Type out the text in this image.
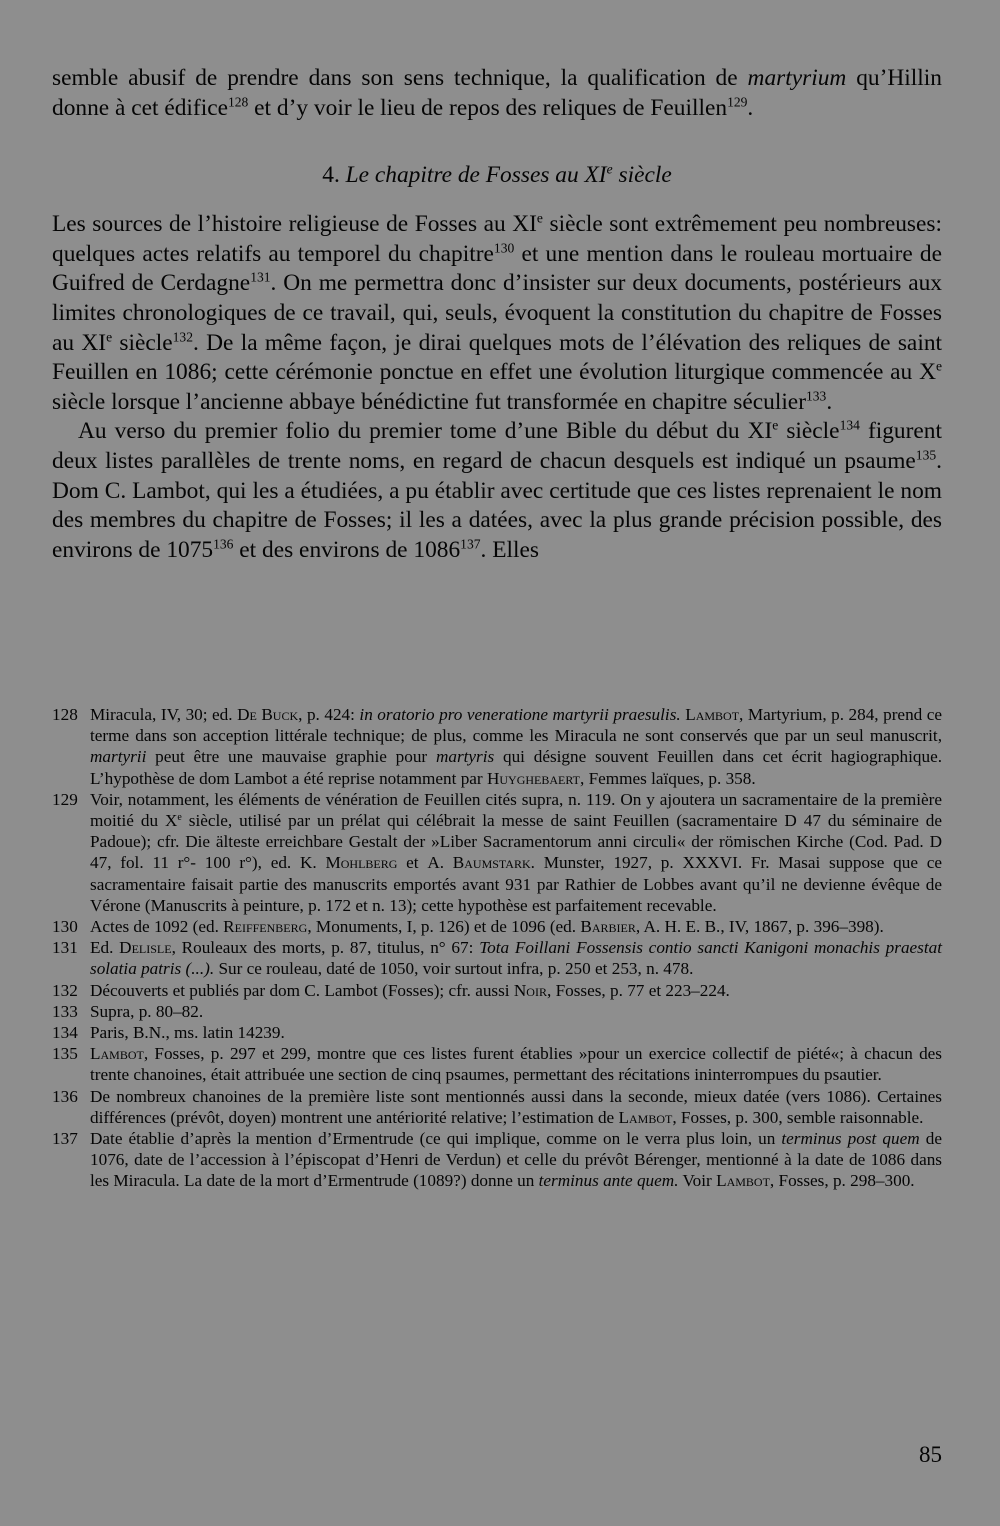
semble abusif de prendre dans son sens technique, la qualification de martyrium qu’Hillin donne à cet édifice$^{128}$ et d’y voir le lieu de repos des reliques de Feuillen$^{129}$.

4. Le chapitre de Fosses au XIe siècle

Les sources de l’histoire religieuse de Fosses au XIe siècle sont extrêmement peu nombreuses: quelques actes relatifs au temporel du chapitre$^{130}$ et une mention dans le rouleau mortuaire de Guifred de Cerdagne$^{131}$. On me permettra donc d’insister sur deux documents, postérieurs aux limites chronologiques de ce travail, qui, seuls, évoquent la constitution du chapitre de Fosses au XIe siècle$^{132}$. De la même façon, je dirai quelques mots de l’élévation des reliques de saint Feuillen en 1086; cette cérémonie ponctue en effet une évolution liturgique commencée au Xe siècle lorsque l’ancienne abbaye bénédictine fut transformée en chapitre séculier$^{133}$.

Au verso du premier folio du premier tome d’une Bible du début du XIe siècle$^{134}$ figurent deux listes parallèles de trente noms, en regard de chacun desquels est indiqué un psaume$^{135}$. Dom C. Lambot, qui les a étudiées, a pu établir avec certitude que ces listes reprenaient le nom des membres du chapitre de Fosses; il les a datées, avec la plus grande précision possible, des environs de 1075$^{136}$ et des environs de 1086$^{137}$. Elles

128 Miracula, IV, 30; ed. De Buck, p. 424: in oratorio pro veneratione martyrii praesulis. Lambot, Martyrium, p. 284, prend ce terme dans son acception littérale technique; de plus, comme les Miracula ne sont conservés que par un seul manuscrit, martyrii peut être une mauvaise graphie pour martyris qui désigne souvent Feuillen dans cet écrit hagiographique. L’hypothèse de dom Lambot a été reprise notamment par Huyghebaert, Femmes laïques, p. 358.
129 Voir, notamment, les éléments de vénération de Feuillen cités supra, n. 119. On y ajoutera un sacramentaire de la première moitié du Xe siècle, utilisé par un prélat qui célébrait la messe de saint Feuillen (sacramentaire D 47 du séminaire de Padoue); cfr. Die älteste erreichbare Gestalt der »Liber Sacramentorum anni circuli« der römischen Kirche (Cod. Pad. D 47, fol. 11 r°- 100 r°), ed. K. Mohlberg et A. Baumstark. Munster, 1927, p. XXXVI. Fr. Masai suppose que ce sacramentaire faisait partie des manuscrits emportés avant 931 par Rathier de Lobbes avant qu’il ne devienne évêque de Vérone (Manuscrits à peinture, p. 172 et n. 13); cette hypothèse est parfaitement recevable.
130 Actes de 1092 (ed. Reiffenberg, Monuments, I, p. 126) et de 1096 (ed. Barbier, A. H. E. B., IV, 1867, p. 396–398).
131 Ed. Delisle, Rouleaux des morts, p. 87, titulus, n° 67: Tota Foillani Fossensis contio sancti Kanigoni monachis praestat solatia patris (...). Sur ce rouleau, daté de 1050, voir surtout infra, p. 250 et 253, n. 478.
132 Découverts et publiés par dom C. Lambot (Fosses); cfr. aussi Noir, Fosses, p. 77 et 223–224.
133 Supra, p. 80–82.
134 Paris, B.N., ms. latin 14239.
135 Lambot, Fosses, p. 297 et 299, montre que ces listes furent établies »pour un exercice collectif de piété«; à chacun des trente chanoines, était attribuée une section de cinq psaumes, permettant des récitations ininterrompues du psautier.
136 De nombreux chanoines de la première liste sont mentionnés aussi dans la seconde, mieux datée (vers 1086). Certaines différences (prévôt, doyen) montrent une antériorité relative; l’estimation de Lambot, Fosses, p. 300, semble raisonnable.
137 Date établie d’après la mention d’Ermentrude (ce qui implique, comme on le verra plus loin, un terminus post quem de 1076, date de l’accession à l’épiscopat d’Henri de Verdun) et celle du prévôt Bérenger, mentionné à la date de 1086 dans les Miracula. La date de la mort d’Ermentrude (1089?) donne un terminus ante quem. Voir Lambot, Fosses, p. 298–300.
85
